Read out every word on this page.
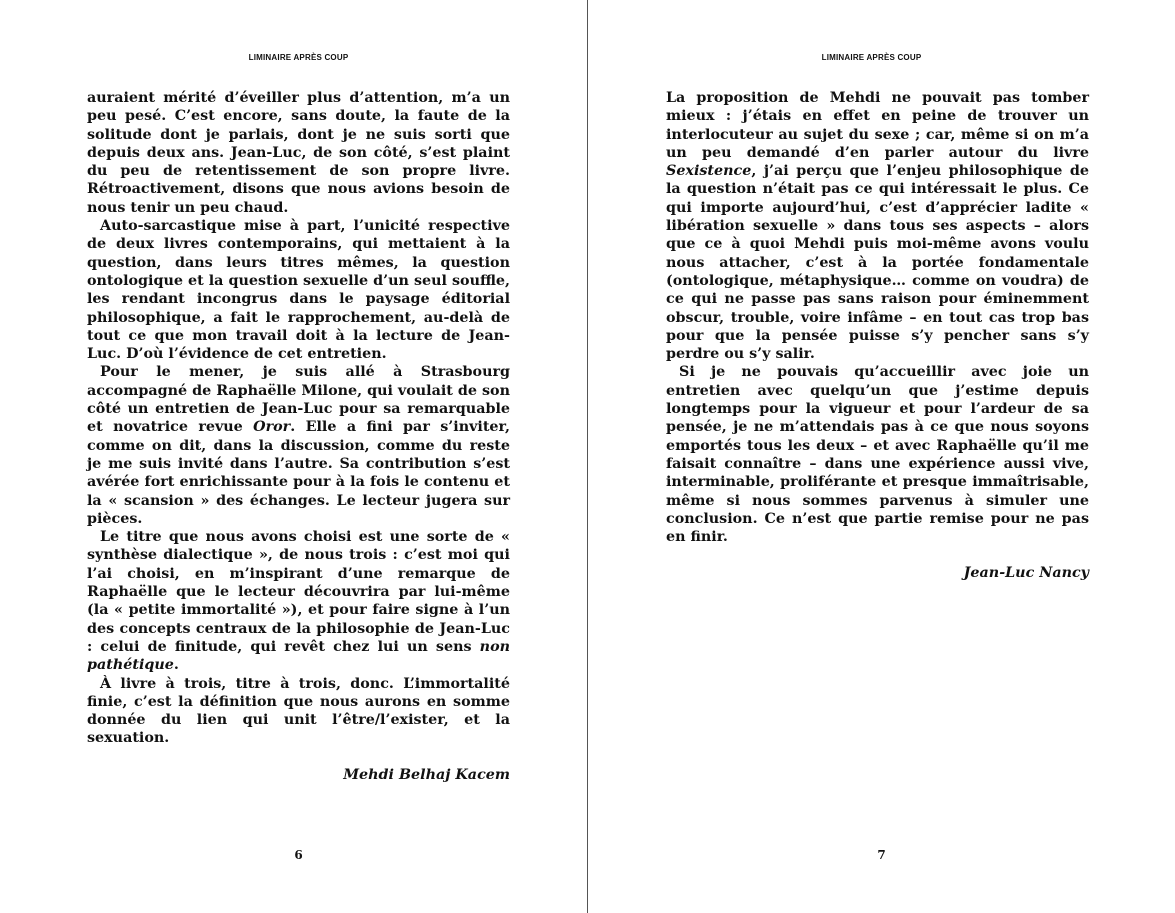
LIMINAIRE APRÈS COUP

auraient mérité d’éveiller plus d’attention, m’a un peu pesé. C’est encore, sans doute, la faute de la solitude dont je parlais, dont je ne suis sorti que depuis deux ans. Jean-Luc, de son côté, s’est plaint du peu de retentissement de son propre livre. Rétroactivement, disons que nous avions besoin de nous tenir un peu chaud.

Auto-sarcastique mise à part, l’unicité respective de deux livres contemporains, qui mettaient à la question, dans leurs titres mêmes, la question ontologique et la question sexuelle d’un seul souffle, les rendant incongrus dans le paysage éditorial philosophique, a fait le rapprochement, au-delà de tout ce que mon travail doit à la lecture de Jean-Luc. D’où l’évidence de cet entretien.

Pour le mener, je suis allé à Strasbourg accompagné de Raphaëlle Milone, qui voulait de son côté un entretien de Jean-Luc pour sa remarquable et novatrice revue Oror. Elle a fini par s’inviter, comme on dit, dans la discussion, comme du reste je me suis invité dans l’autre. Sa contribution s’est avérée fort enrichissante pour à la fois le contenu et la « scansion » des échanges. Le lecteur jugera sur pièces.

Le titre que nous avons choisi est une sorte de « synthèse dialectique », de nous trois : c’est moi qui l’ai choisi, en m’inspirant d’une remarque de Raphaëlle que le lecteur découvrira par lui-même (la « petite immortalité »), et pour faire signe à l’un des concepts centraux de la philosophie de Jean-Luc : celui de finitude, qui revêt chez lui un sens non pathétique.

À livre à trois, titre à trois, donc. L’immortalité finie, c’est la définition que nous aurons en somme donnée du lien qui unit l’être/l’exister, et la sexuation.

Mehdi Belhaj Kacem
6
LIMINAIRE APRÈS COUP

La proposition de Mehdi ne pouvait pas tomber mieux : j’étais en effet en peine de trouver un interlocuteur au sujet du sexe ; car, même si on m’a un peu demandé d’en parler autour du livre Sexistence, j’ai perçu que l’enjeu philosophique de la question n’était pas ce qui intéressait le plus. Ce qui importe aujourd’hui, c’est d’apprécier ladite « libération sexuelle » dans tous ses aspects – alors que ce à quoi Mehdi puis moi-même avons voulu nous attacher, c’est à la portée fondamentale (ontologique, métaphysique… comme on voudra) de ce qui ne passe pas sans raison pour éminemment obscur, trouble, voire infâme – en tout cas trop bas pour que la pensée puisse s’y pencher sans s’y perdre ou s’y salir.

Si je ne pouvais qu’accueillir avec joie un entretien avec quelqu’un que j’estime depuis longtemps pour la vigueur et pour l’ardeur de sa pensée, je ne m’attendais pas à ce que nous soyons emportés tous les deux – et avec Raphaëlle qu’il me faisait connaître – dans une expérience aussi vive, interminable, proliférante et presque immaîtrisable, même si nous sommes parvenus à simuler une conclusion. Ce n’est que partie remise pour ne pas en finir.

Jean-Luc Nancy
7
